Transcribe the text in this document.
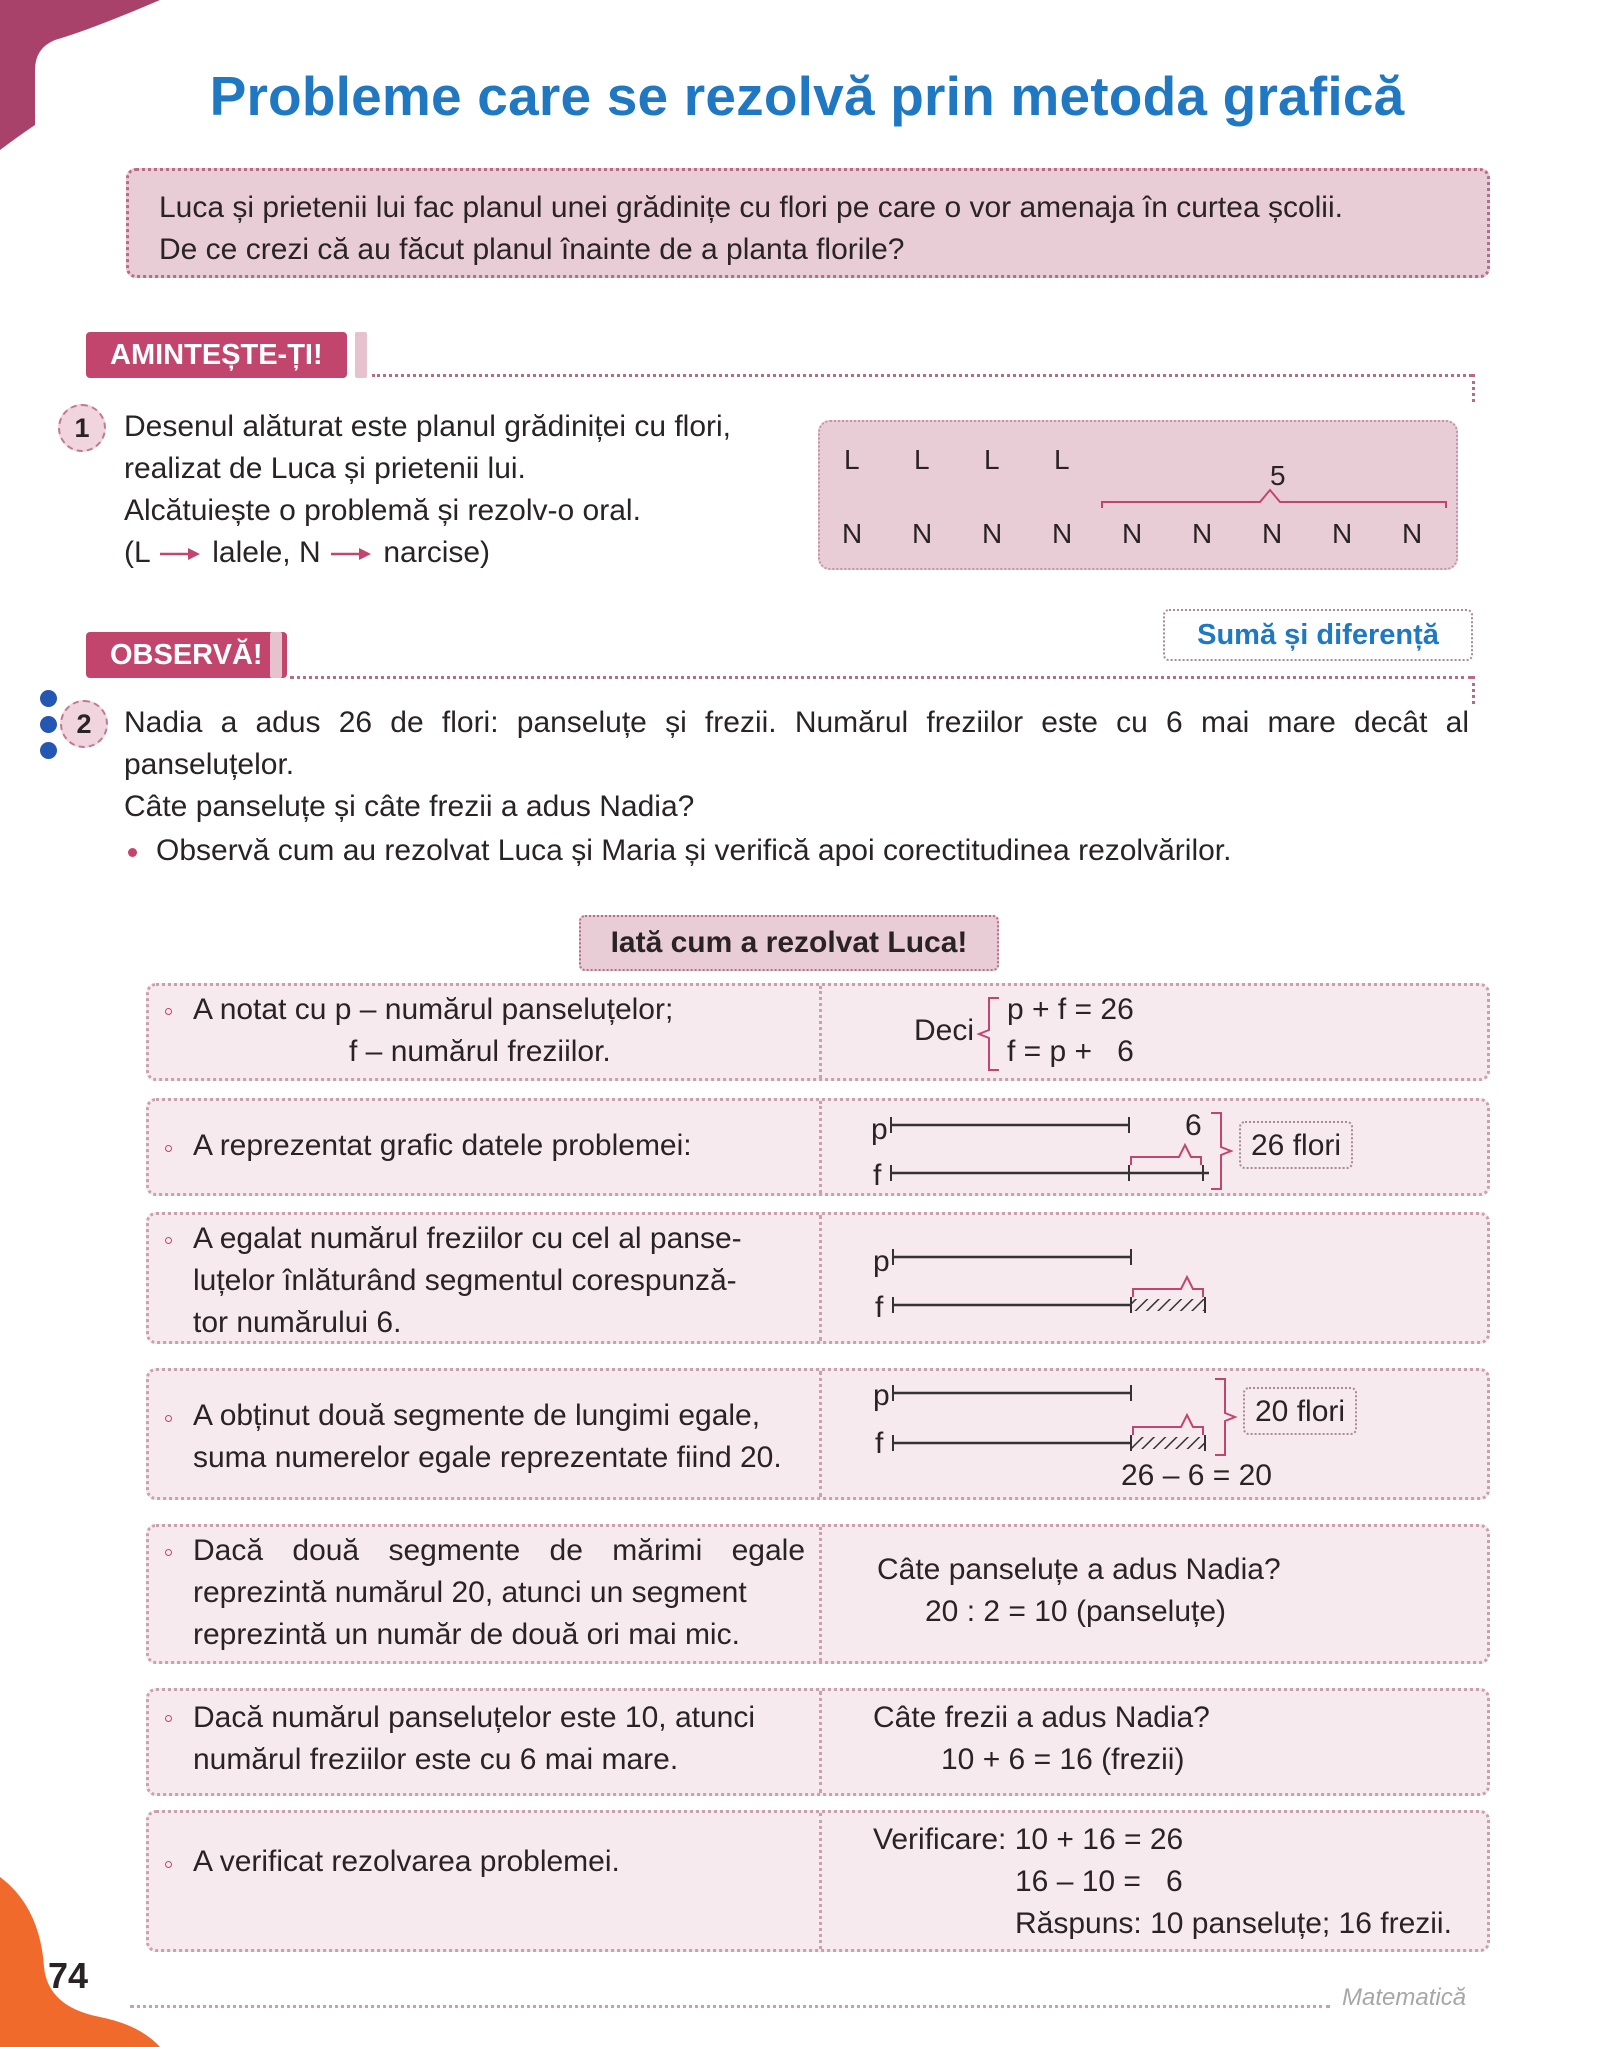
Probleme care se rezolvă prin metoda grafică
Luca și prietenii lui fac planul unei grădinițe cu flori pe care o vor amenaja în curtea școlii.
De ce crezi că au făcut planul înainte de a planta florile?
AMINTEȘTE-ȚI!
1	Desenul alăturat este planul grădiniței cu flori,
realizat de Luca și prietenii lui.
Alcătuiește o problemă și rezolv-o oral.
(L lalele, N narcise)
L L L L
5
N N N N N N N N N
Sumă și diferență
OBSERVĂ!
2	Nadia a adus 26 de flori: panseluțe și frezii. Numărul freziilor este cu 6 mai mare decât al
panseluțelor.
Câte panseluțe și câte frezii a adus Nadia?
Observă cum au rezolvat Luca și Maria și verifică apoi corectitudinea rezolvărilor.
Iată cum a rezolvat Luca!
A notat cu p – numărul panseluțelor;
f – numărul freziilor.
Deci
p + f = 26
f = p +   6
A reprezentat grafic datele problemei:	p
f
6
26 flori
A egalat numărul freziilor cu cel al panse-
luțelor înlăturând segmentul corespunză-
tor numărului 6.
p
f
A obținut două segmente de lungimi egale,
suma numerelor egale reprezentate fiind 20.
p
f
20 flori
26 – 6 = 20
Dacă două segmente de mărimi egale
reprezintă numărul 20, atunci un segment
reprezintă un număr de două ori mai mic.
Câte panseluțe a adus Nadia?
20 : 2 = 10 (panseluțe)
Dacă numărul panseluțelor este 10, atunci
numărul freziilor este cu 6 mai mare.
Câte frezii a adus Nadia?
10 + 6 = 16 (frezii)
A verificat rezolvarea problemei.
Verificare: 10 + 16 = 26
16 – 10 =   6
Răspuns: 10 panseluțe; 16 frezii.
74
Matematică
